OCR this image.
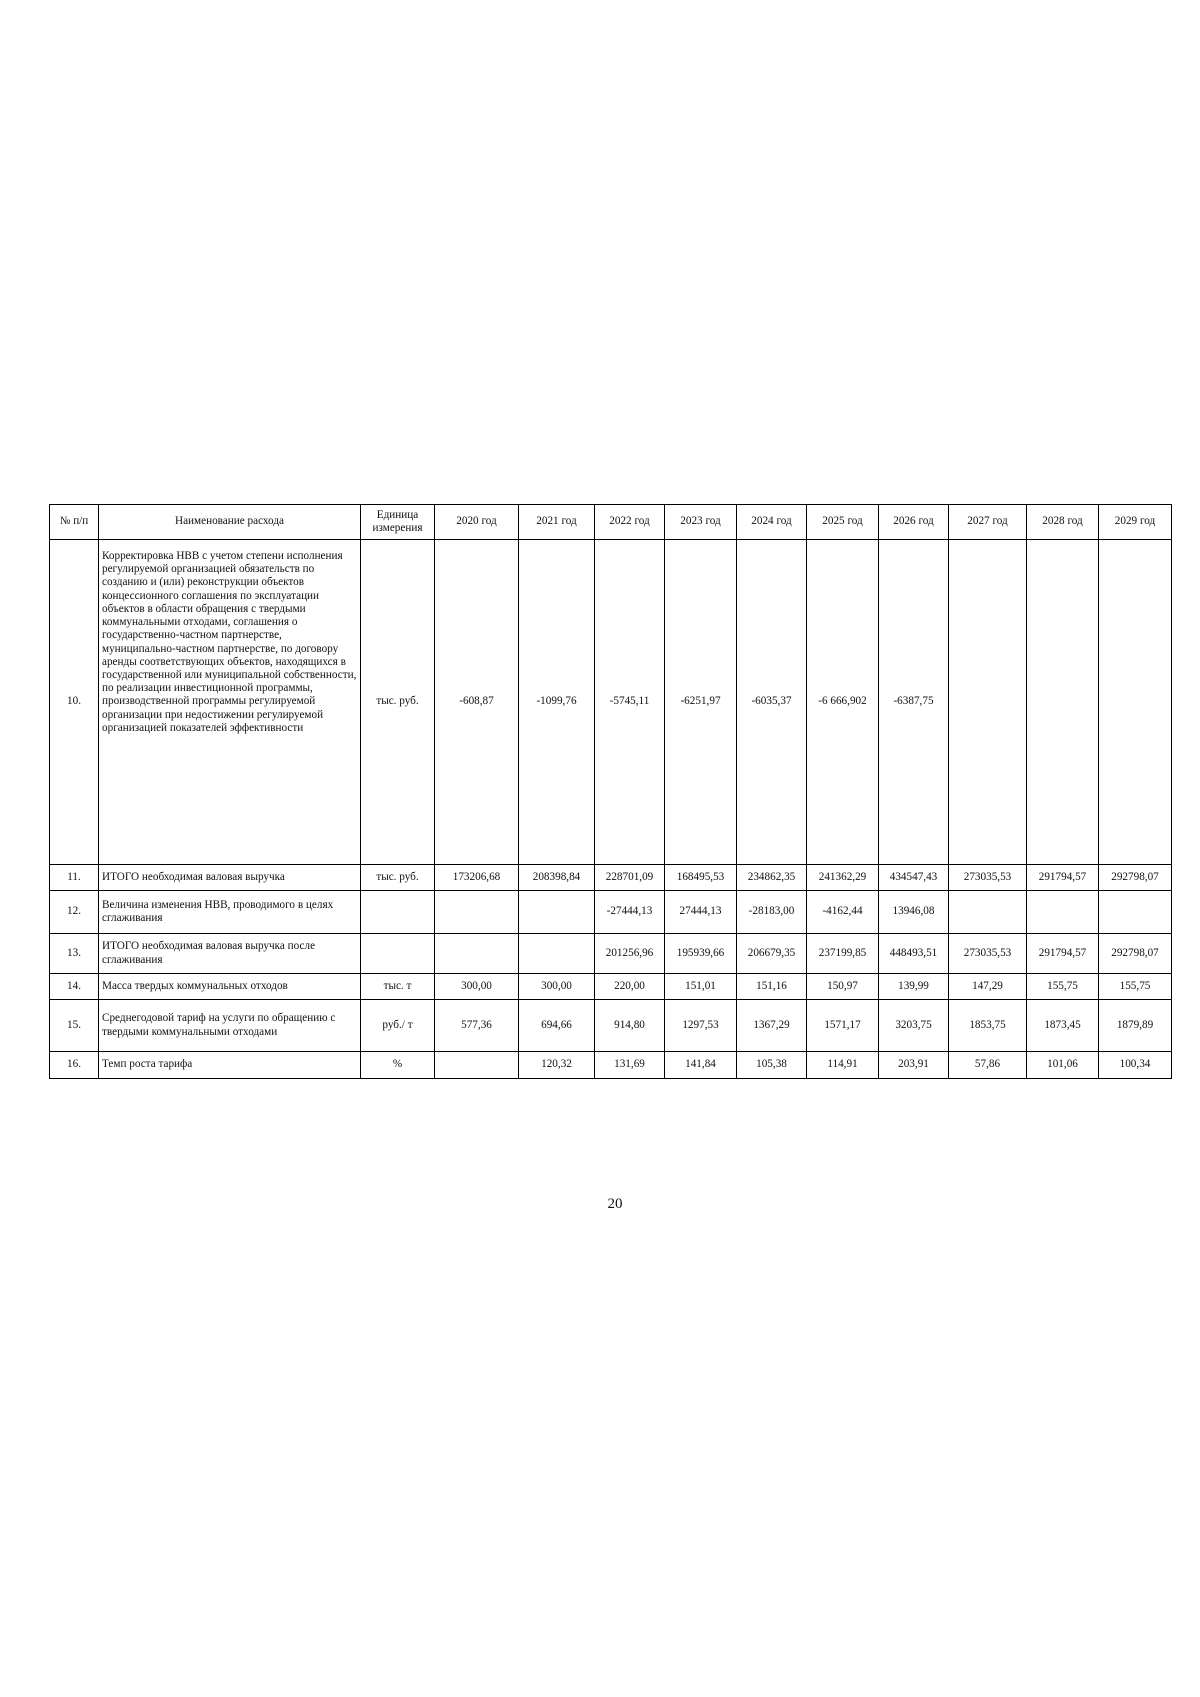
№ п/п	Наименование расхода	Единица измерения	2020 год	2021 год	2022 год	2023 год	2024 год	2025 год	2026 год	2027 год	2028 год	2029 год
10.	Корректировка НВВ с учетом степени исполнения регулируемой организацией обязательств по созданию и (или) реконструкции объектов концессионного соглашения по эксплуатации объектов в области обращения с твердыми коммунальными отходами, соглашения о государственно-частном партнерстве, муниципально-частном партнерстве, по договору аренды соответствующих объектов, находящихся в государственной или муниципальной собственности, по реализации инвестиционной программы, производственной программы регулируемой организации при недостижении регулируемой организацией показателей эффективности	тыс. руб.	-608,87	-1099,76	-5745,11	-6251,97	-6035,37	-6 666,902	-6387,75			
11.	ИТОГО необходимая валовая выручка	тыс. руб.	173206,68	208398,84	228701,09	168495,53	234862,35	241362,29	434547,43	273035,53	291794,57	292798,07
12.	Величина изменения НВВ, проводимого в целях сглаживания				-27444,13	27444,13	-28183,00	-4162,44	13946,08			
13.	ИТОГО необходимая валовая выручка после сглаживания				201256,96	195939,66	206679,35	237199,85	448493,51	273035,53	291794,57	292798,07
14.	Масса твердых коммунальных отходов	тыс. т	300,00	300,00	220,00	151,01	151,16	150,97	139,99	147,29	155,75	155,75
15.	Среднегодовой тариф на услуги по обращению с твердыми коммунальными отходами	руб./ т	577,36	694,66	914,80	1297,53	1367,29	1571,17	3203,75	1853,75	1873,45	1879,89
16.	Темп роста тарифа	%		120,32	131,69	141,84	105,38	114,91	203,91	57,86	101,06	100,34
20
